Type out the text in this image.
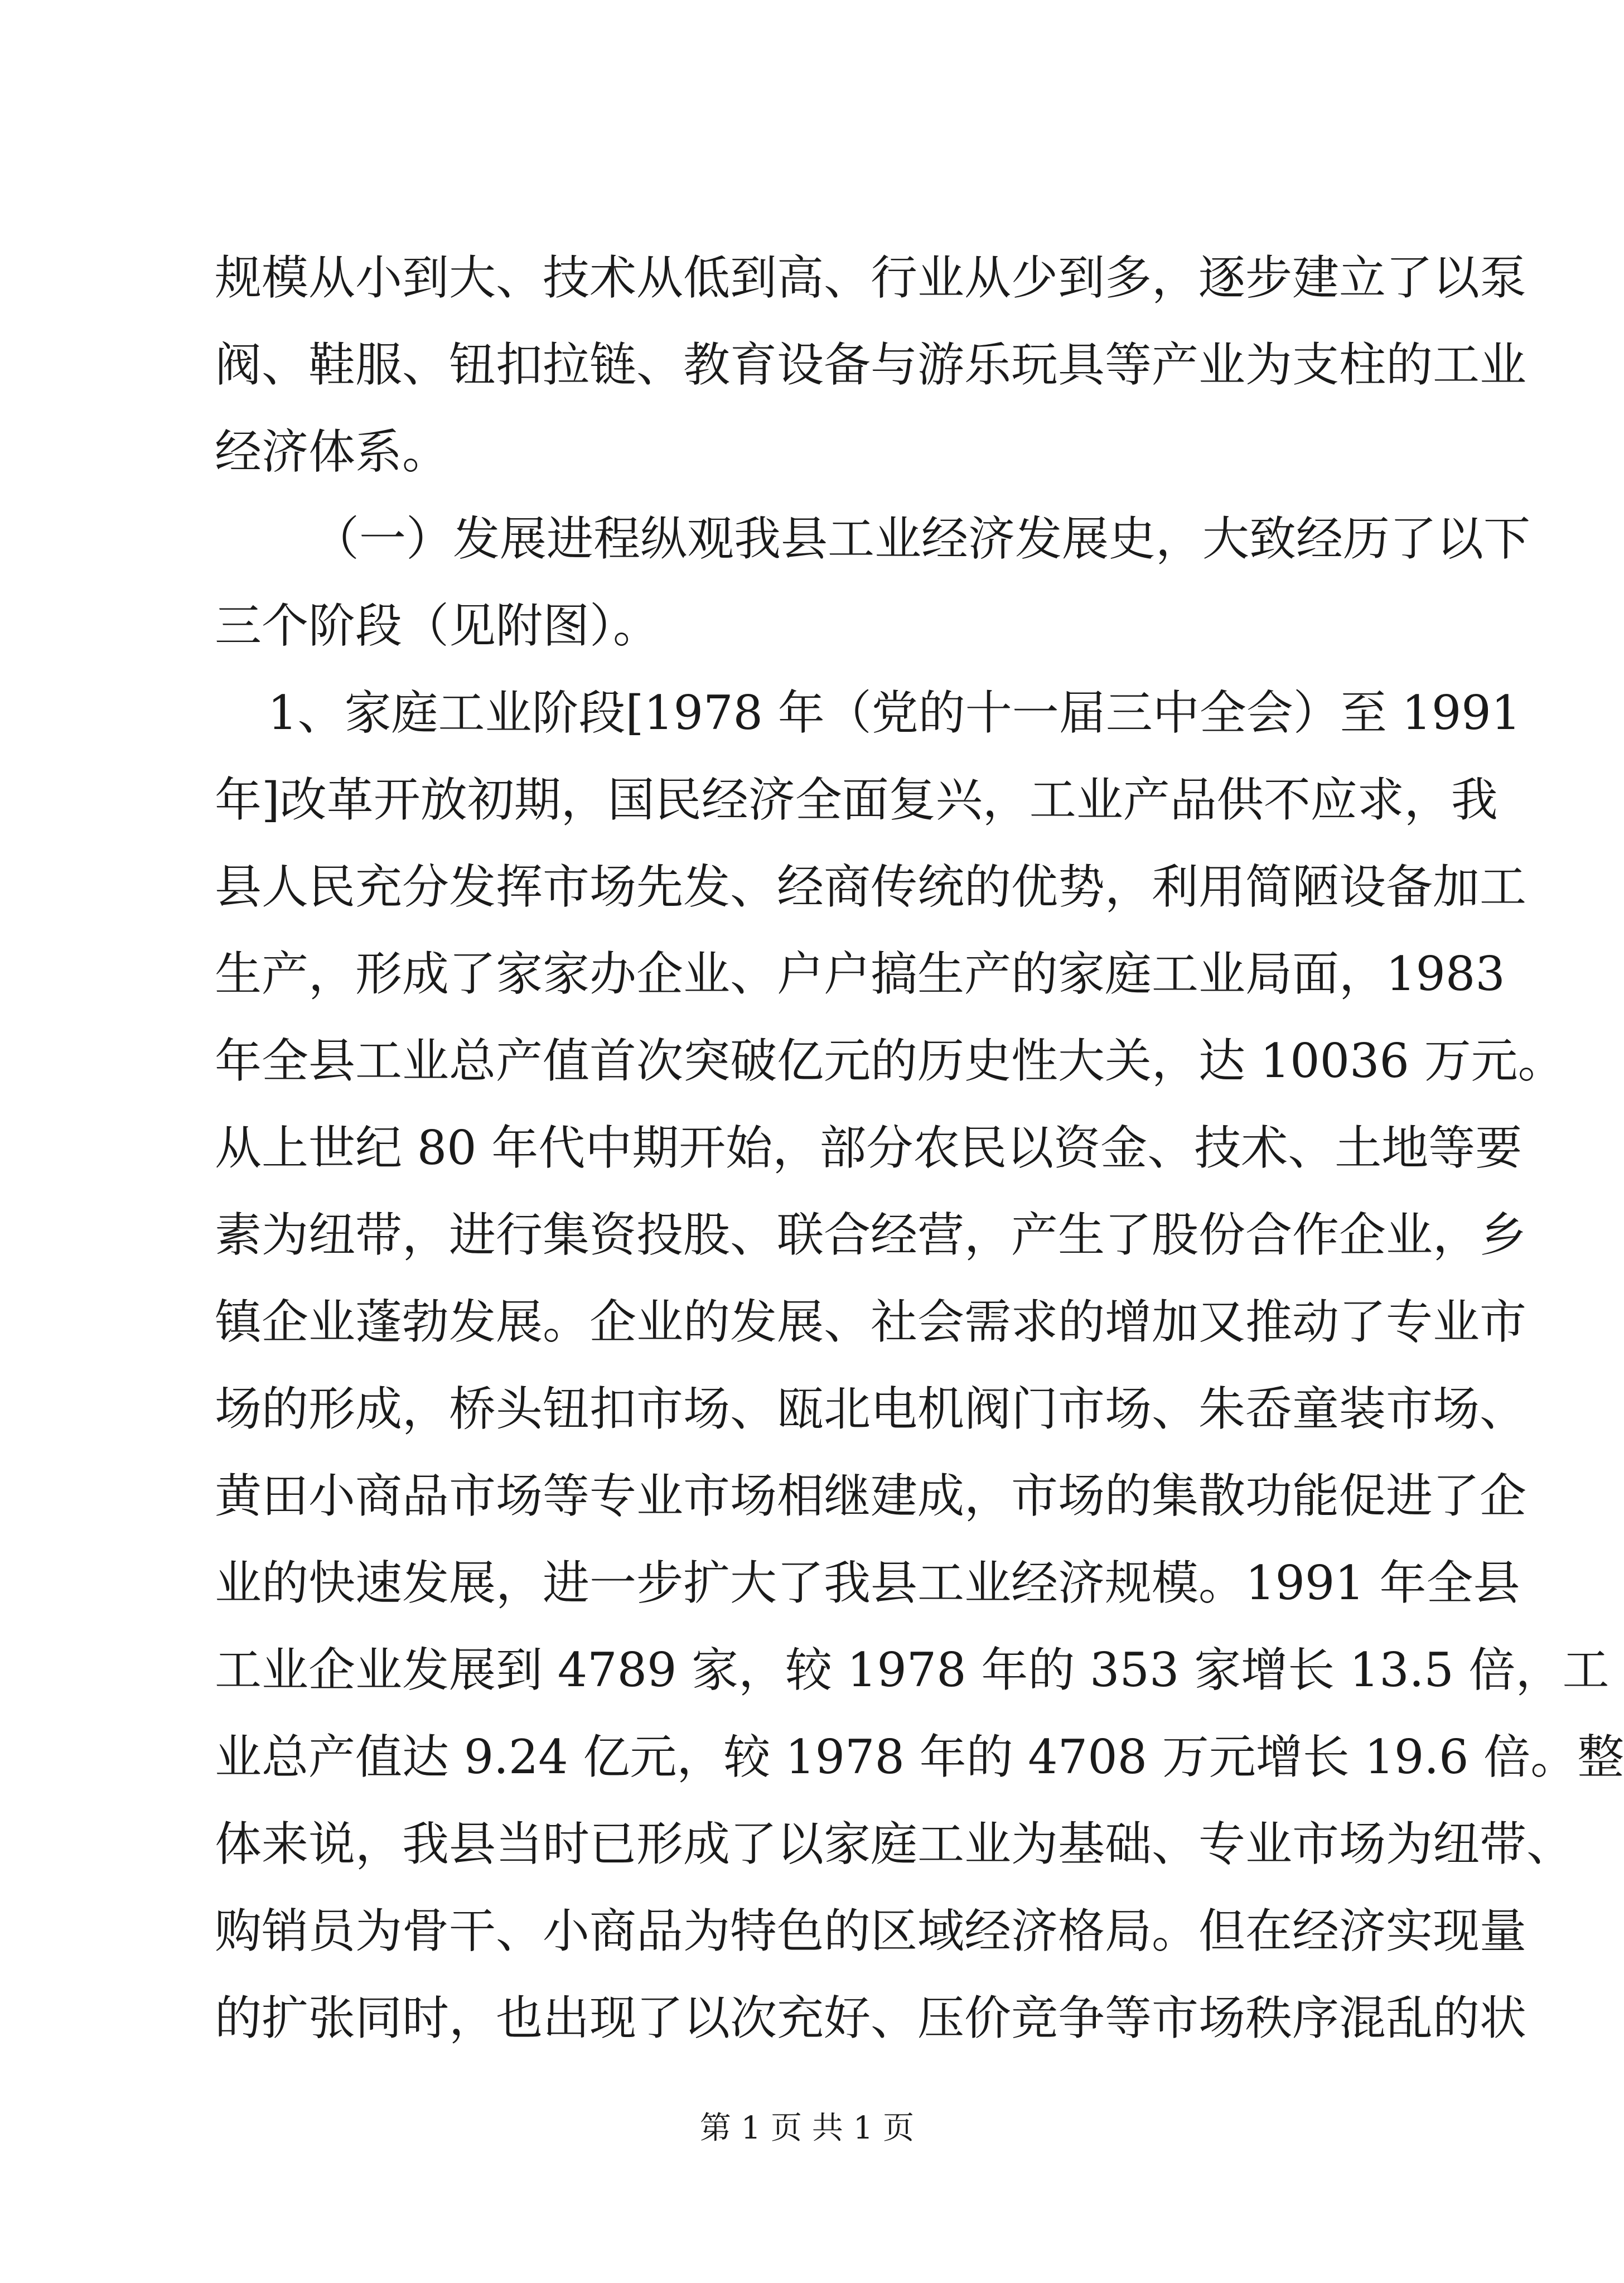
规模从小到大、技术从低到高、行业从少到多，逐步建立了以泵
阀、鞋服、钮扣拉链、教育设备与游乐玩具等产业为支柱的工业
经济体系。
（一）发展进程纵观我县工业经济发展史，大致经历了以下
三个阶段（见附图）。
1、家庭工业阶段[1978 年（党的十一届三中全会）至 1991
年]改革开放初期，国民经济全面复兴，工业产品供不应求，我
县人民充分发挥市场先发、经商传统的优势，利用简陋设备加工
生产，形成了家家办企业、户户搞生产的家庭工业局面，1983
年全县工业总产值首次突破亿元的历史性大关，达 10036 万元。
从上世纪 80 年代中期开始，部分农民以资金、技术、土地等要
素为纽带，进行集资投股、联合经营，产生了股份合作企业，乡
镇企业蓬勃发展。企业的发展、社会需求的增加又推动了专业市
场的形成，桥头钮扣市场、瓯北电机阀门市场、朱岙童装市场、
黄田小商品市场等专业市场相继建成，市场的集散功能促进了企
业的快速发展，进一步扩大了我县工业经济规模。1991 年全县
工业企业发展到 4789 家，较 1978 年的 353 家增长 13.5 倍，工
业总产值达 9.24 亿元，较 1978 年的 4708 万元增长 19.6 倍。整
购销员为骨干、小商品为特色的区域经济格局。但在经济实现量
的扩张同时，也出现了以次充好、压价竞争等市场秩序混乱的状
体来说，我县当时已形成了以家庭工业为基础、专业市场为纽带、
第 1 页 共 1 页
